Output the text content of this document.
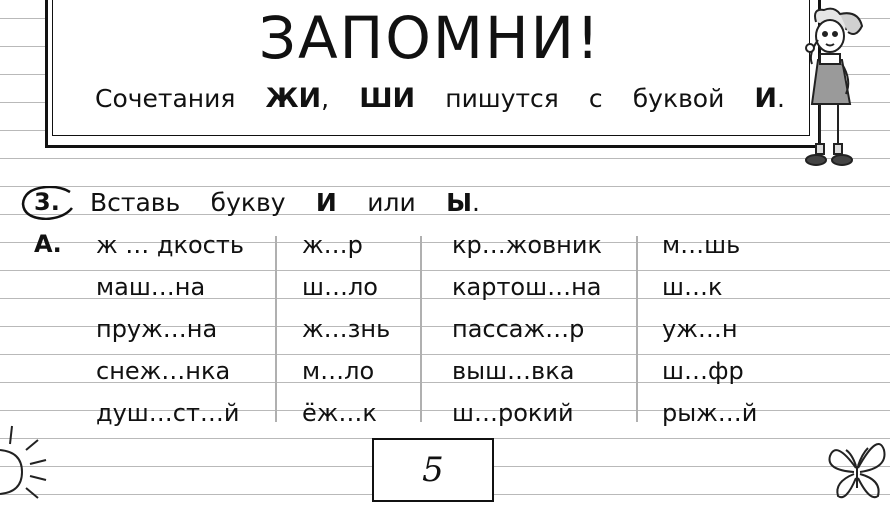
ЗАПОМНИ!
Сочетания ЖИ, ШИ пишутся с буквой И.
3. Вставь букву И или Ы.
А. ж … дкость
маш…на
пруж…на
снеж…нка
душ…ст…й
ж…р
ш…ло
ж…знь
м…ло
ёж…к
кр…жовник
картош…на
пассаж…р
выш…вка
ш…рокий
м…шь
ш…к
уж…н
ш…фр
рыж…й
5
